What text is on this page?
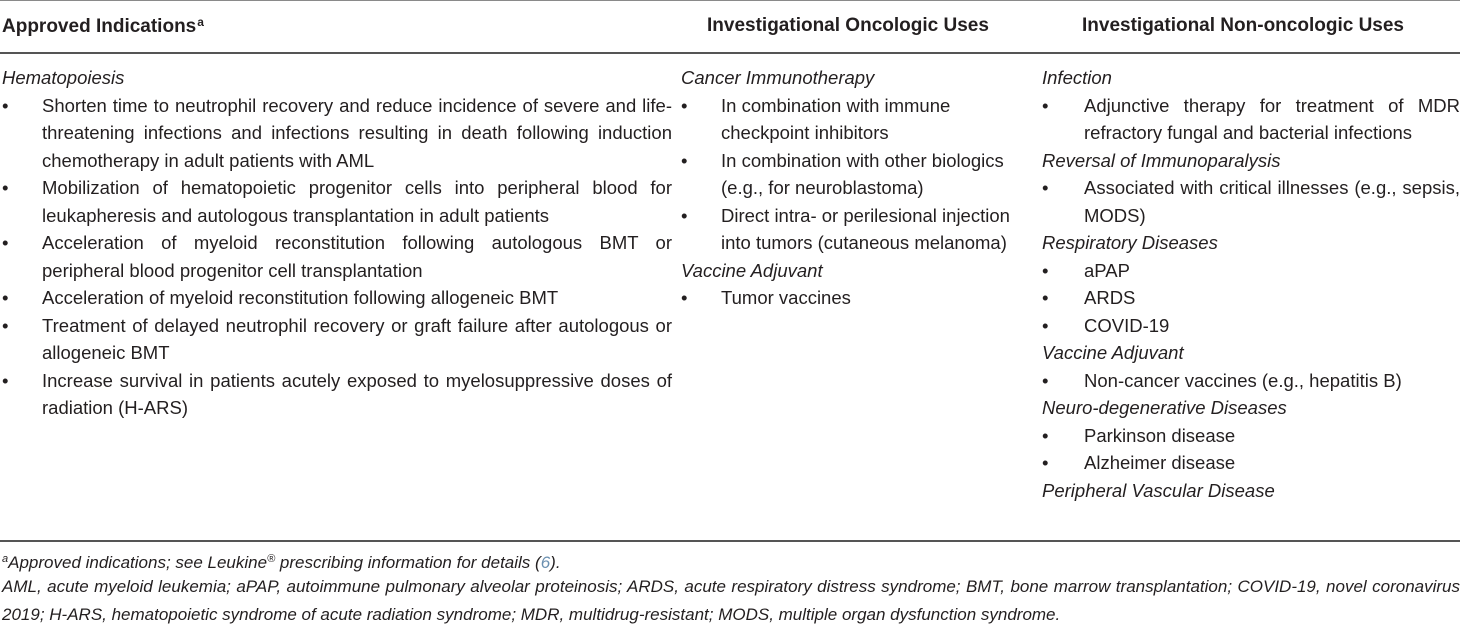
Approved Indications$^a$	Investigational Oncologic Uses	Investigational Non-oncologic Uses
Hematopoiesis
• Shorten time to neutrophil recovery and reduce incidence of severe and life-threatening infections and infections resulting in death following induction chemotherapy in adult patients with AML
• Mobilization of hematopoietic progenitor cells into peripheral blood for leukapheresis and autologous transplantation in adult patients
• Acceleration of myeloid reconstitution following autologous BMT or peripheral blood progenitor cell transplantation
• Acceleration of myeloid reconstitution following allogeneic BMT
• Treatment of delayed neutrophil recovery or graft failure after autologous or allogeneic BMT
• Increase survival in patients acutely exposed to myelosuppressive doses of radiation (H-ARS)
Cancer Immunotherapy
• In combination with immune checkpoint inhibitors
• In combination with other biologics (e.g., for neuroblastoma)
• Direct intra- or perilesional injection into tumors (cutaneous melanoma)
Vaccine Adjuvant
• Tumor vaccines
Infection
• Adjunctive therapy for treatment of MDR refractory fungal and bacterial infections
Reversal of Immunoparalysis
• Associated with critical illnesses (e.g., sepsis, MODS)
Respiratory Diseases
• aPAP
• ARDS
• COVID-19
Vaccine Adjuvant
• Non-cancer vaccines (e.g., hepatitis B)
Neuro-degenerative Diseases
• Parkinson disease
• Alzheimer disease
Peripheral Vascular Disease
$^a$Approved indications; see Leukine® prescribing information for details (6).
AML, acute myeloid leukemia; aPAP, autoimmune pulmonary alveolar proteinosis; ARDS, acute respiratory distress syndrome; BMT, bone marrow transplantation; COVID-19, novel coronavirus 2019; H-ARS, hematopoietic syndrome of acute radiation syndrome; MDR, multidrug-resistant; MODS, multiple organ dysfunction syndrome.
